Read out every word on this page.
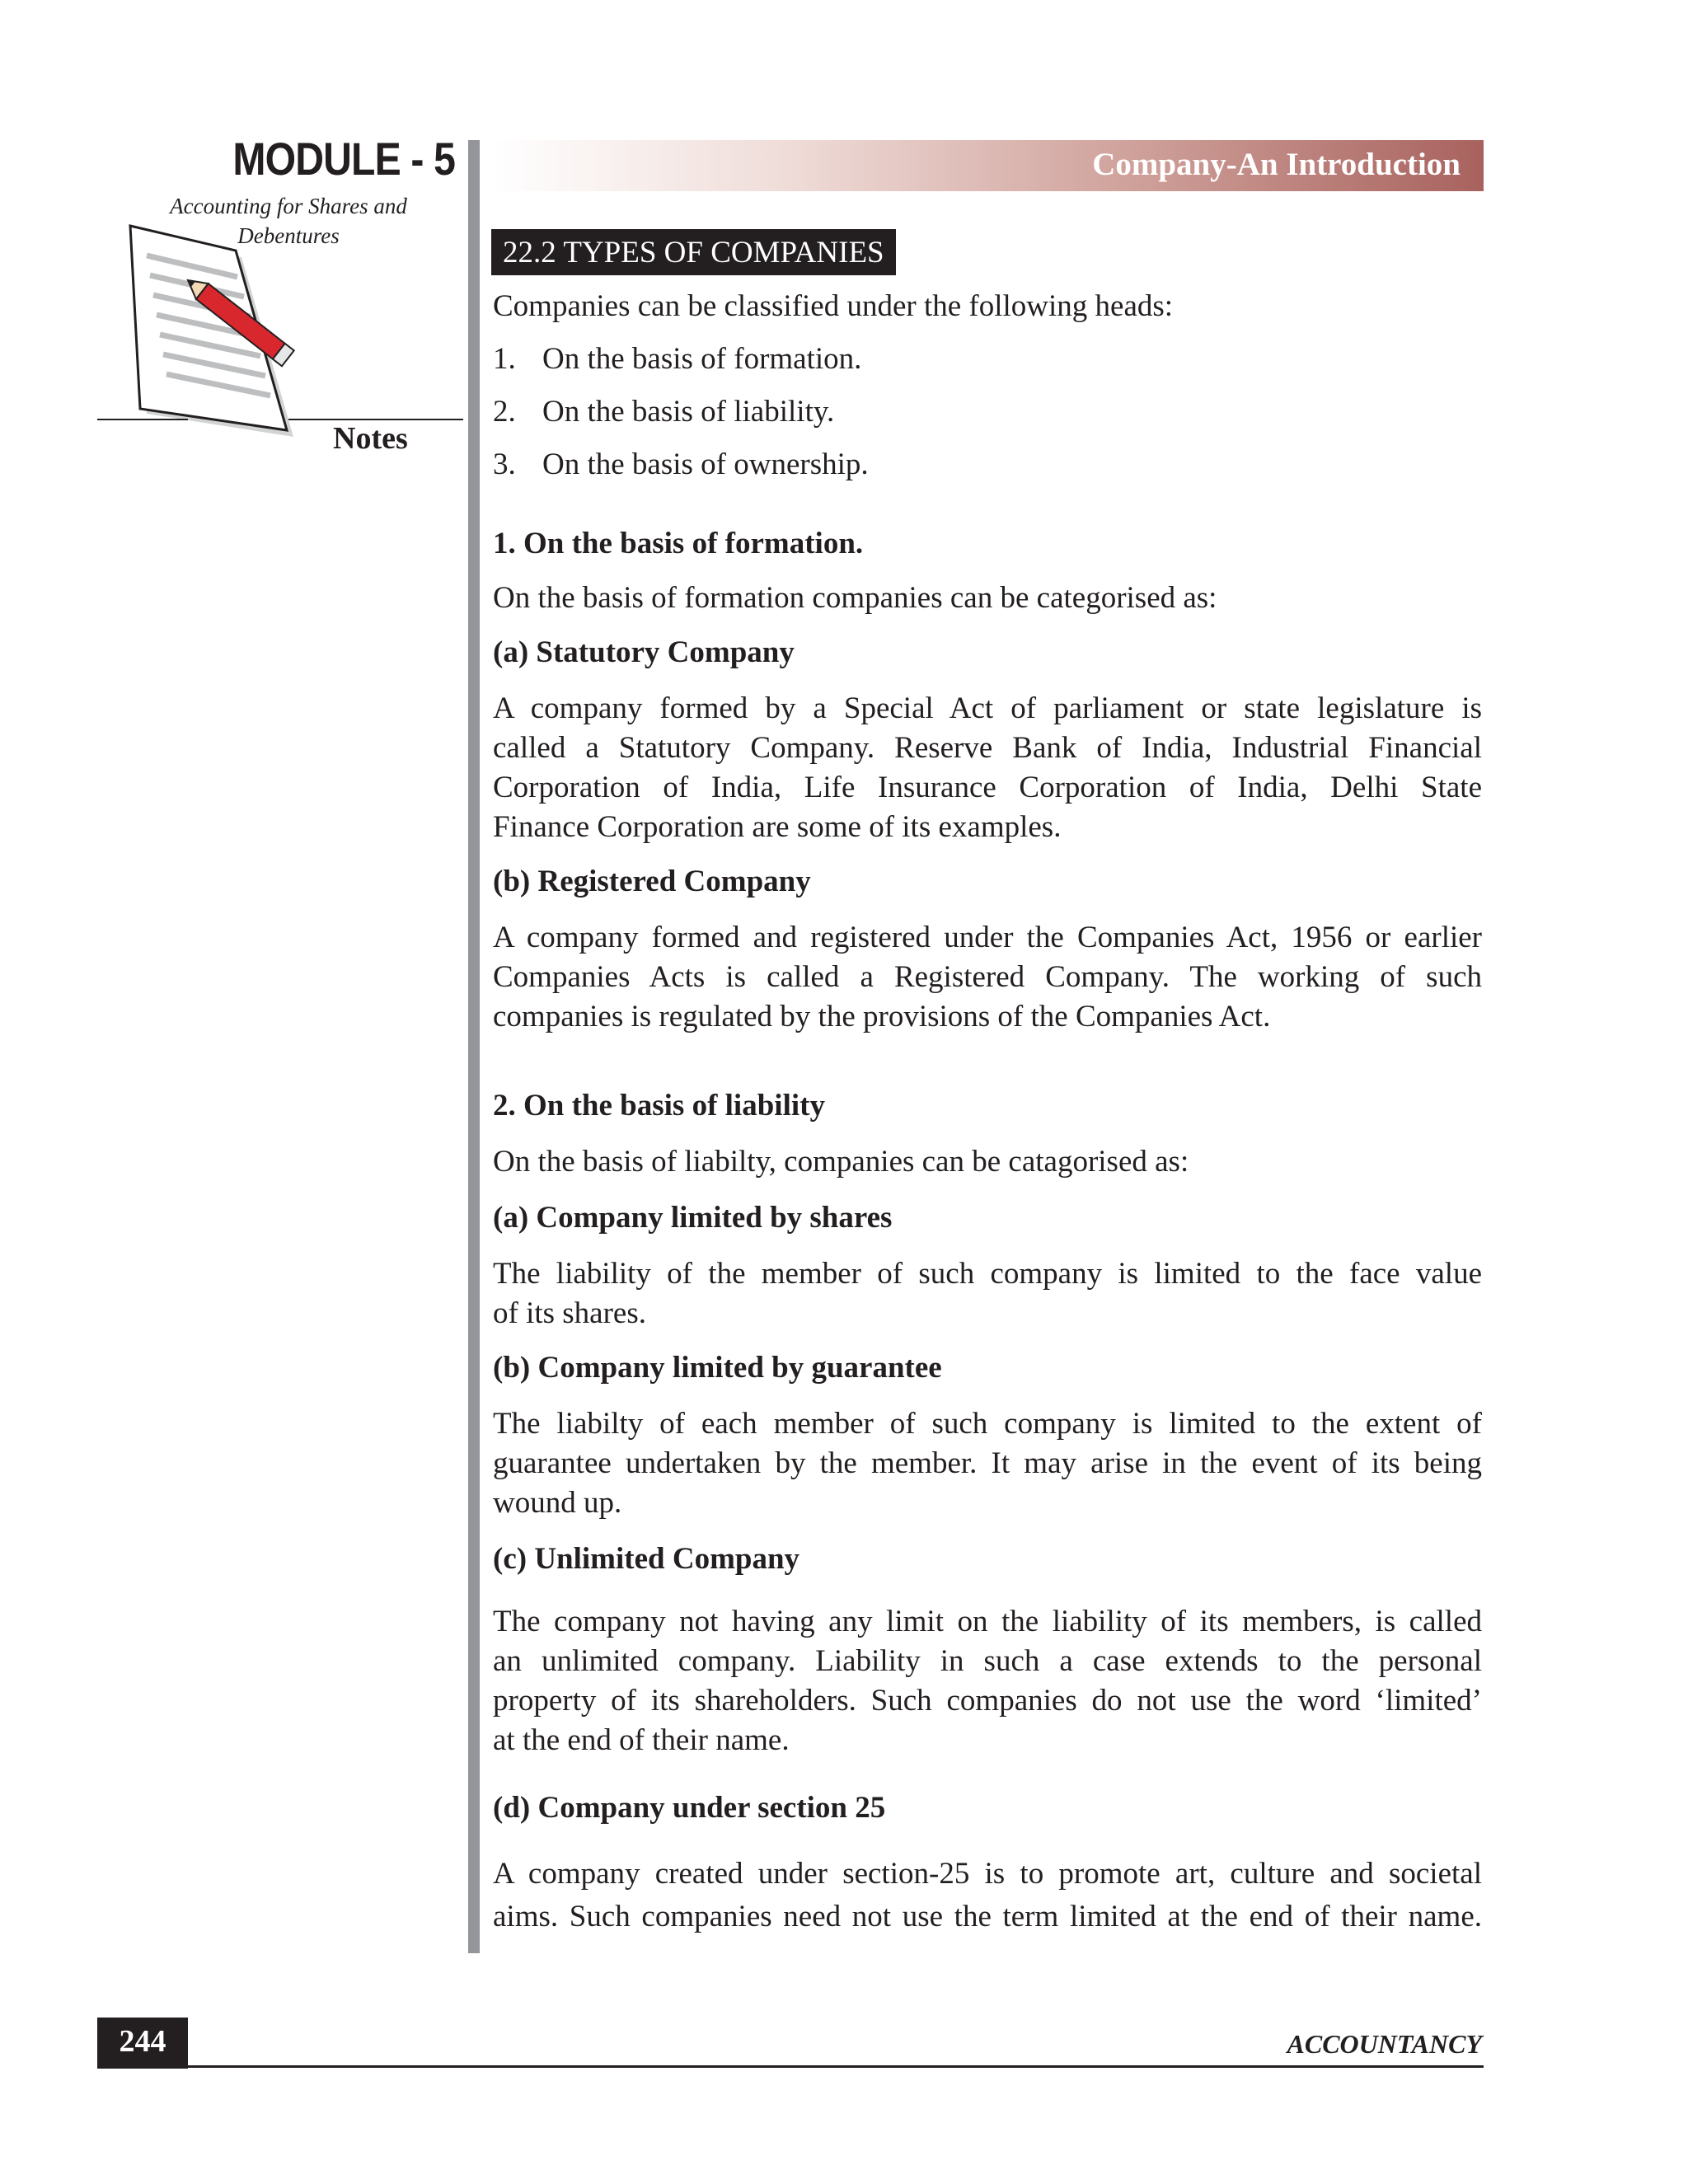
MODULE - 5
Accounting for Shares and
Debentures
Notes
Company-An Introduction
22.2 TYPES OF COMPANIES
Companies can be classified under the following heads:
1. On the basis of formation.
2. On the basis of liability.
3. On the basis of ownership.
1. On the basis of formation.
On the basis of formation companies can be categorised as:
(a) Statutory Company
A company formed by a Special Act of parliament or state legislature is
called a Statutory Company. Reserve Bank of India, Industrial Financial
Corporation of India, Life Insurance Corporation of India, Delhi State
Finance Corporation are some of its examples.
(b) Registered Company
A company formed and registered under the Companies Act, 1956 or earlier
Companies Acts is called a Registered Company. The working of such
companies is regulated by the provisions of the Companies Act.
2. On the basis of liability
On the basis of liabilty, companies can be catagorised as:
(a) Company limited by shares
The liability of the member of such company is limited to the face value
of its shares.
(b) Company limited by guarantee
The liabilty of each member of such company is limited to the extent of
guarantee undertaken by the member. It may arise in the event of its being
wound up.
(c) Unlimited Company
The company not having any limit on the liability of its members, is called
an unlimited company. Liability in such a case extends to the personal
property of its shareholders. Such companies do not use the word ‘limited’
at the end of their name.
(d) Company under section 25
A company created under section-25 is to promote art, culture and societal
aims. Such companies need not use the term limited at the end of their name.
244	ACCOUNTANCY
